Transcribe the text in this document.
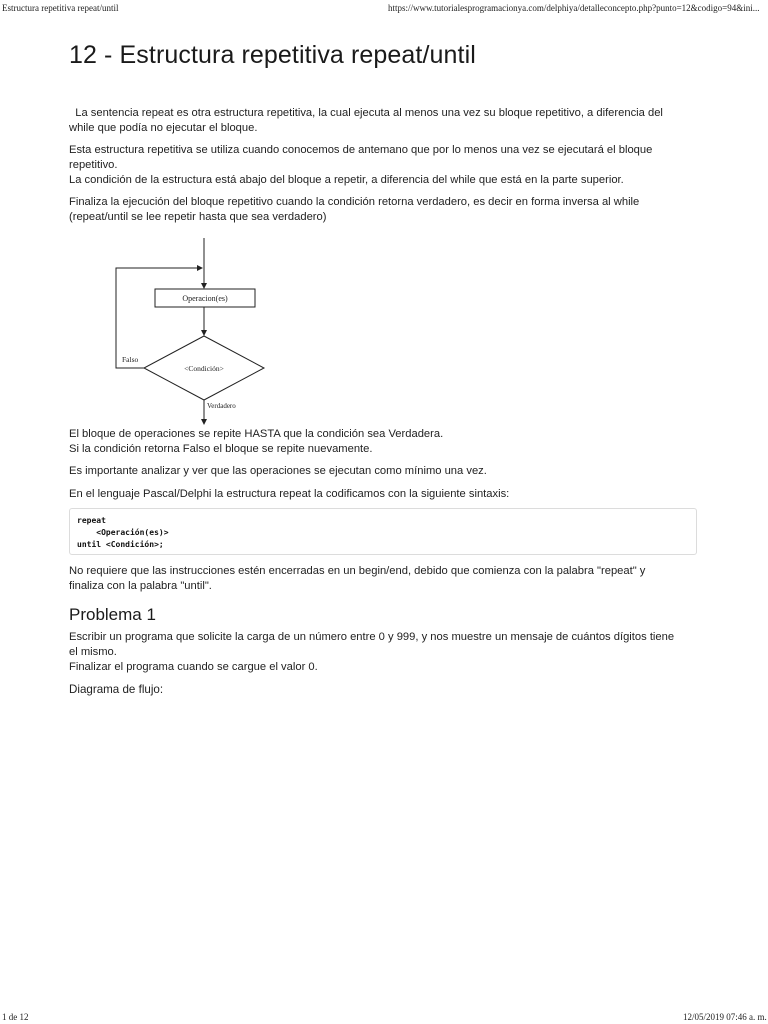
Estructura repetitiva repeat/until	https://www.tutorialesprogramacionya.com/delphiya/detalleconcepto.php?punto=12&codigo=94&ini...
12 - Estructura repetitiva repeat/until

La sentencia repeat es otra estructura repetitiva, la cual ejecuta al menos una vez su bloque repetitivo, a diferencia del
while que podía no ejecutar el bloque.

Esta estructura repetitiva se utiliza cuando conocemos de antemano que por lo menos una vez se ejecutará el bloque
repetitivo.
La condición de la estructura está abajo del bloque a repetir, a diferencia del while que está en la parte superior.

Finaliza la ejecución del bloque repetitivo cuando la condición retorna verdadero, es decir en forma inversa al while
(repeat/until se lee repetir hasta que sea verdadero)

Operacion(es)
<Condición>
Falso
Verdadero

El bloque de operaciones se repite HASTA que la condición sea Verdadera.
Si la condición retorna Falso el bloque se repite nuevamente.

Es importante analizar y ver que las operaciones se ejecutan como mínimo una vez.

En el lenguaje Pascal/Delphi la estructura repeat la codificamos con la siguiente sintaxis:

repeat
<Operación(es)>
until <Condición>;

No requiere que las instrucciones estén encerradas en un begin/end, debido que comienza con la palabra "repeat" y
finaliza con la palabra "until".

Problema 1

Escribir un programa que solicite la carga de un número entre 0 y 999, y nos muestre un mensaje de cuántos dígitos tiene
el mismo.
Finalizar el programa cuando se cargue el valor 0.

Diagrama de flujo:

1 de 12	12/05/2019 07:46 a. m.
